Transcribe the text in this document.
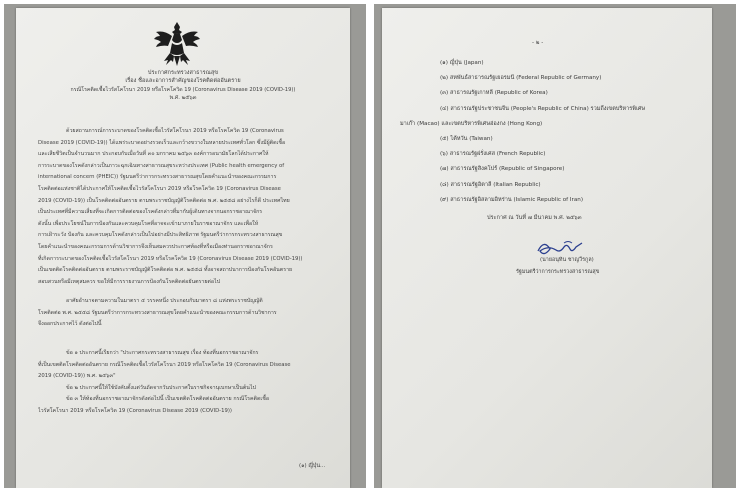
ประกาศกระทรวงสาธารณสุข
เรื่อง ชื่อและอาการสำคัญของโรคติดต่ออันตราย
กรณีโรคติดเชื้อไวรัสโคโรนา 2019 หรือโรคโควิด 19 (Coronavirus Disease 2019 (COVID-19))
พ.ศ. ๒๕๖๓
ด้วยสถานการณ์การระบาดของโรคติดเชื้อไวรัสโคโรนา 2019 หรือโรคโควิด 19 (Coronavirus
Disease 2019 (COVID-19)) ได้แพร่ระบาดอย่างรวดเร็วและกว้างขวางในหลายประเทศทั่วโลก ซึ่งมีผู้ติดเชื้อ
และเสียชีวิตเป็นจำนวนมาก ประกอบกับเมื่อวันที่ ๓๐ มกราคม ๒๕๖๓ องค์การอนามัยโลกได้ประกาศให้
การระบาดของโรคดังกล่าวเป็นภาวะฉุกเฉินทางสาธารณสุขระหว่างประเทศ (Public health emergency of
international concern (PHEIC)) รัฐมนตรีว่าการกระทรวงสาธารณสุขโดยคำแนะนำของคณะกรรมการ
โรคติดต่อแห่งชาติได้ประกาศให้โรคติดเชื้อไวรัสโคโรนา 2019 หรือโรคโควิด 19 (Coronavirus Disease
2019 (COVID-19)) เป็นโรคติดต่ออันตราย ตามพระราชบัญญัติโรคติดต่อ พ.ศ. ๒๕๕๘ อย่างไรก็ดี ประเทศไทย
เป็นประเทศที่มีความเสี่ยงที่จะเกิดการติดต่อของโรคดังกล่าวที่มากับผู้เดินทางจากนอกราชอาณาจักร
ดังนั้น เพื่อประโยชน์ในการป้องกันและควบคุมโรคที่อาจจะเข้ามาภายในราชอาณาจักร และเพื่อให้
การเฝ้าระวัง ป้องกัน และควบคุมโรคดังกล่าวเป็นไปอย่างมีประสิทธิภาพ รัฐมนตรีว่าการกระทรวงสาธารณสุข
โดยคำแนะนำของคณะกรรมการด้านวิชาการจึงเห็นสมควรประกาศท้องที่หรือเมืองท่านอกราชอาณาจักร
ที่เกิดการระบาดของโรคติดเชื้อไวรัสโคโรนา 2019 หรือโรคโควิด 19 (Coronavirus Disease 2019 (COVID-19))
เป็นเขตติดโรคติดต่ออันตราย ตามพระราชบัญญัติโรคติดต่อ พ.ศ. ๒๕๕๘ ทั้งอาจสถาปนาการป้องกันโรคอันตราย
สอบสวนหรือมีเหตุสมควร ขอให้มีการรายงานการป้องกันโรคติดต่อยันตรายต่อไป
อาศัยอำนาจตามความในมาตรา ๕ วรรคหนึ่ง ประกอบกับมาตรา ๘ แห่งพระราชบัญญัติ
โรคติดต่อ พ.ศ. ๒๕๕๘ รัฐมนตรีว่าการกระทรวงสาธารณสุขโดยคำแนะนำของคณะกรรมการด้านวิชาการ
จึงออกประกาศไว้ ดังต่อไปนี้
ข้อ ๑ ประกาศนี้เรียกว่า "ประกาศกระทรวงสาธารณสุข เรื่อง ท้องที่นอกราชอาณาจักร
ที่เป็นเขตติดโรคติดต่ออันตราย กรณีโรคติดเชื้อไวรัสโคโรนา 2019 หรือโรคโควิด 19 (Coronavirus Disease
2019 (COVID-19)) พ.ศ. ๒๕๖๓"
ข้อ ๒ ประกาศนี้ให้ใช้บังคับตั้งแต่วันถัดจากวันประกาศในราชกิจจานุเบกษาเป็นต้นไป
ข้อ ๓ ให้ท้องที่นอกราชอาณาจักรดังต่อไปนี้ เป็นเขตติดโรคติดต่ออันตราย กรณีโรคติดเชื้อ
ไวรัสโคโรนา 2019 หรือโรคโควิด 19 (Coronavirus Disease 2019 (COVID-19))
(๑) ญี่ปุ่น...
- ๒ -
(๑) ญี่ปุ่น (Japan)
(๒) สหพันธ์สาธารณรัฐเยอรมนี (Federal Republic of Germany)
(๓) สาธารณรัฐเกาหลี (Republic of Korea)
(๔) สาธารณรัฐประชาชนจีน (People's Republic of China) รวมถึงเขตบริหารพิเศษ
มาเก๊า (Macao) และเขตบริหารพิเศษฮ่องกง (Hong Kong)
(๕) ไต้หวัน (Taiwan)
(๖) สาธารณรัฐฝรั่งเศส (French Republic)
(๗) สาธารณรัฐสิงคโปร์ (Republic of Singapore)
(๘) สาธารณรัฐอิตาลี (Italian Republic)
(๙) สาธารณรัฐอิสลามอิหร่าน (Islamic Republic of Iran)
ประกาศ ณ วันที่ ๗ มีนาคม พ.ศ. ๒๕๖๓
(นายอนุทิน ชาญวีรกูล)
รัฐมนตรีว่าการกระทรวงสาธารณสุข
